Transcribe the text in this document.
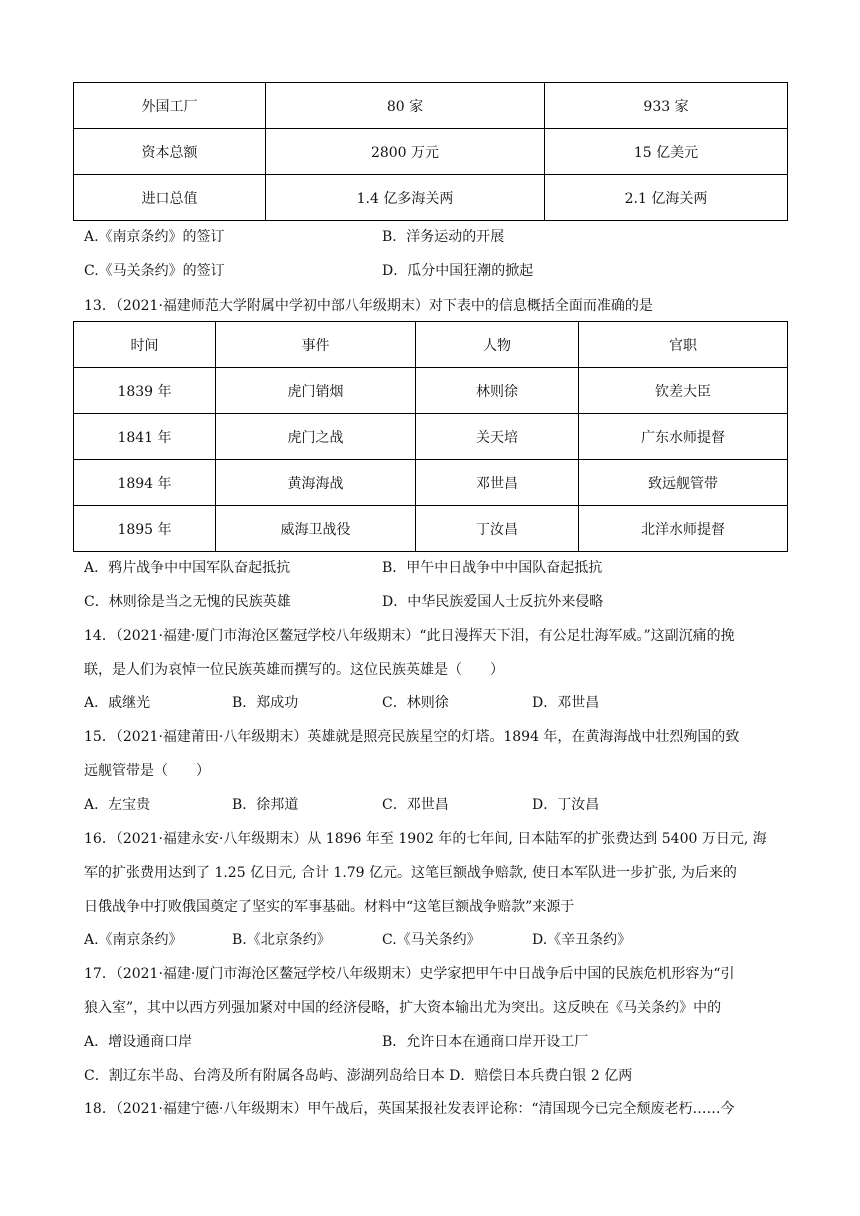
外国工厂	80 家	933 家
资本总额	2800 万元	15 亿美元
进口总值	1.4 亿多海关两	2.1 亿海关两
A.《南京条约》的签订	B．洋务运动的开展
C.《马关条约》的签订	D．瓜分中国狂潮的掀起
13．（2021·福建师范大学附属中学初中部八年级期末）对下表中的信息概括全面而准确的是
时间	事件	人物	官职
1839 年	虎门销烟	林则徐	钦差大臣
1841 年	虎门之战	关天培	广东水师提督
1894 年	黄海海战	邓世昌	致远舰管带
1895 年	威海卫战役	丁汝昌	北洋水师提督
A．鸦片战争中中国军队奋起抵抗	B．甲午中日战争中中国队奋起抵抗
C．林则徐是当之无愧的民族英雄	D．中华民族爱国人士反抗外来侵略
14．（2021·福建·厦门市海沧区鳌冠学校八年级期末）“此日漫挥天下泪，有公足壮海军威。”这副沉痛的挽
联，是人们为哀悼一位民族英雄而撰写的。这位民族英雄是（　　）
A．戚继光	B．郑成功	C．林则徐	D．邓世昌
15．（2021·福建莆田·八年级期末）英雄就是照亮民族星空的灯塔。1894 年，在黄海海战中壮烈殉国的致
远舰管带是（　　）
A．左宝贵	B．徐邦道	C．邓世昌	D．丁汝昌
16．（2021·福建永安·八年级期末）从 1896 年至 1902 年的七年间, 日本陆军的扩张费达到 5400 万日元, 海
军的扩张费用达到了 1.25 亿日元, 合计 1.79 亿元。这笔巨额战争赔款, 使日本军队进一步扩张, 为后来的
日俄战争中打败俄国奠定了坚实的军事基础。材料中“这笔巨额战争赔款”来源于
A.《南京条约》	B.《北京条约》	C.《马关条约》	D.《辛丑条约》
17．（2021·福建·厦门市海沧区鳌冠学校八年级期末）史学家把甲午中日战争后中国的民族危机形容为“引
狼入室”，其中以西方列强加紧对中国的经济侵略，扩大资本输出尤为突出。这反映在《马关条约》中的
A．增设通商口岸	B．允许日本在通商口岸开设工厂
C．割辽东半岛、台湾及所有附属各岛屿、澎湖列岛给日本 D．赔偿日本兵费白银 2 亿两
18．（2021·福建宁德·八年级期末）甲午战后，英国某报社发表评论称：“清国现今已完全颓废老朽……今
